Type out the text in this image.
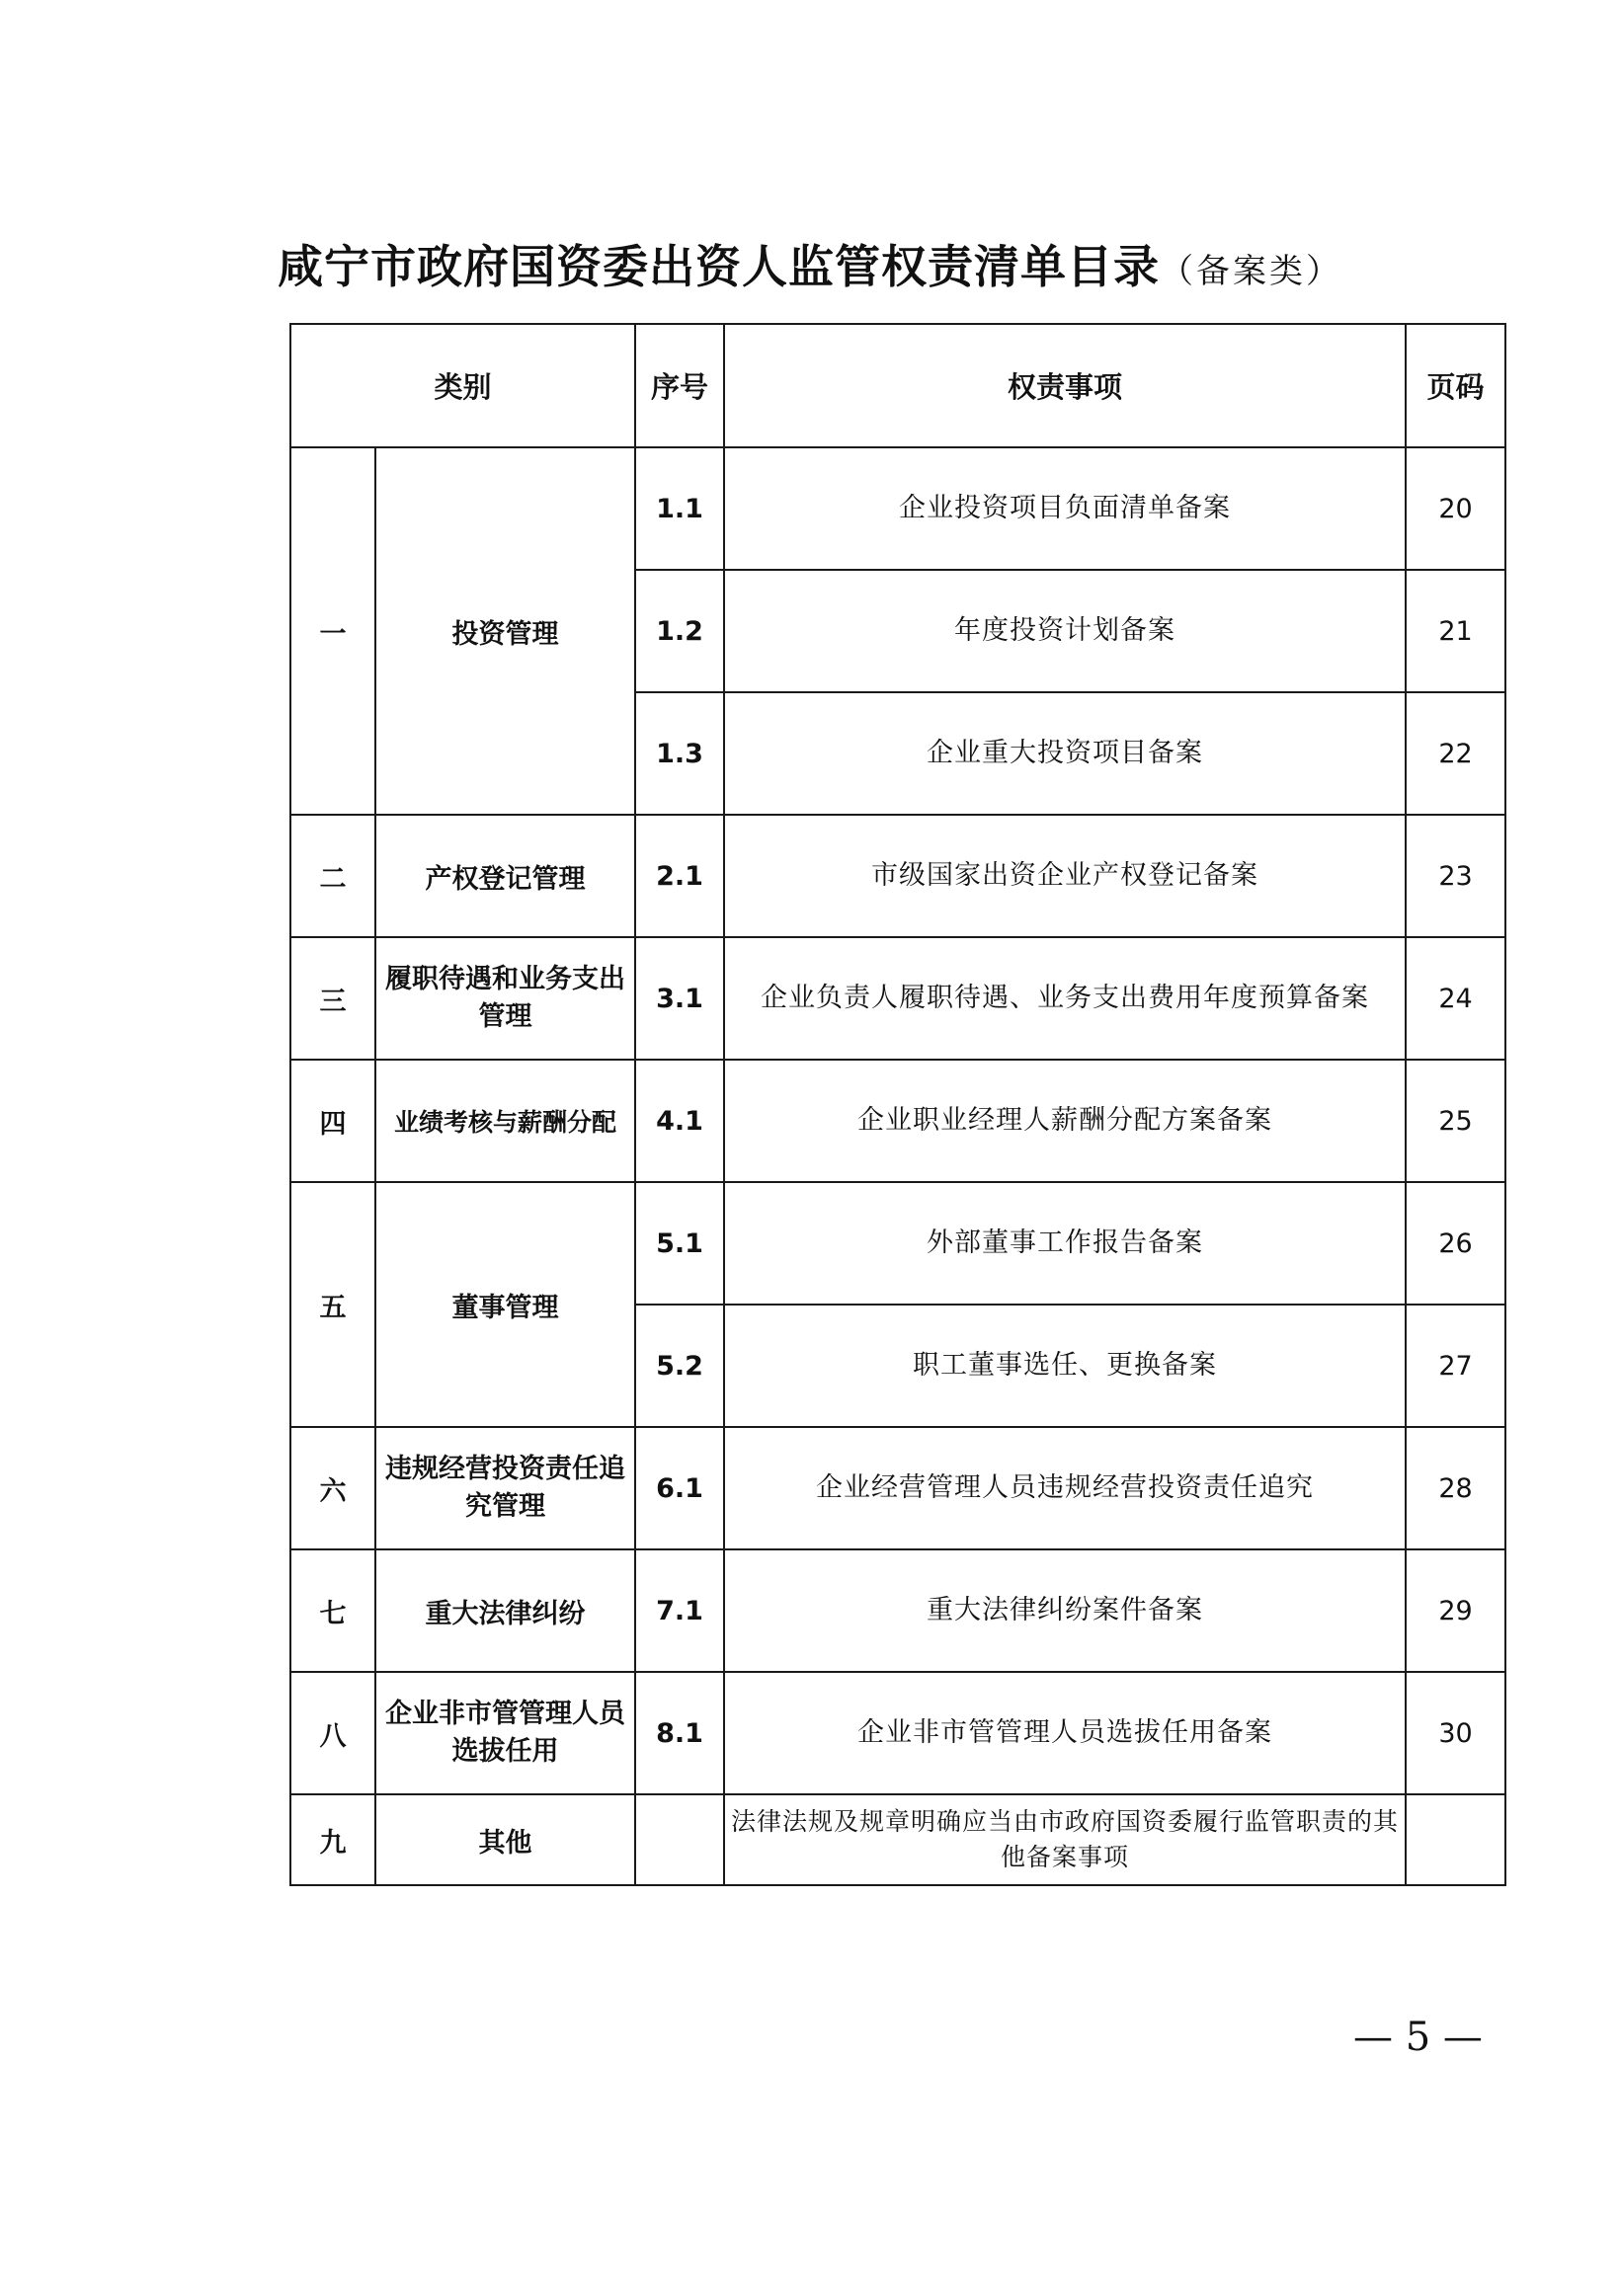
咸宁市政府国资委出资人监管权责清单目录（备案类）
类别		序号	权责事项	页码
一	投资管理	1.1	企业投资项目负面清单备案	20
		1.2	年度投资计划备案	21
		1.3	企业重大投资项目备案	22
二	产权登记管理	2.1	市级国家出资企业产权登记备案	23
三	履职待遇和业务支出管理	3.1	企业负责人履职待遇、业务支出费用年度预算备案	24
四	业绩考核与薪酬分配	4.1	企业职业经理人薪酬分配方案备案	25
五	董事管理	5.1	外部董事工作报告备案	26
		5.2	职工董事选任、更换备案	27
六	违规经营投资责任追究管理	6.1	企业经营管理人员违规经营投资责任追究	28
七	重大法律纠纷	7.1	重大法律纠纷案件备案	29
八	企业非市管管理人员选拔任用	8.1	企业非市管管理人员选拔任用备案	30
九	其他		法律法规及规章明确应当由市政府国资委履行监管职责的其他备案事项	
— 5 —
